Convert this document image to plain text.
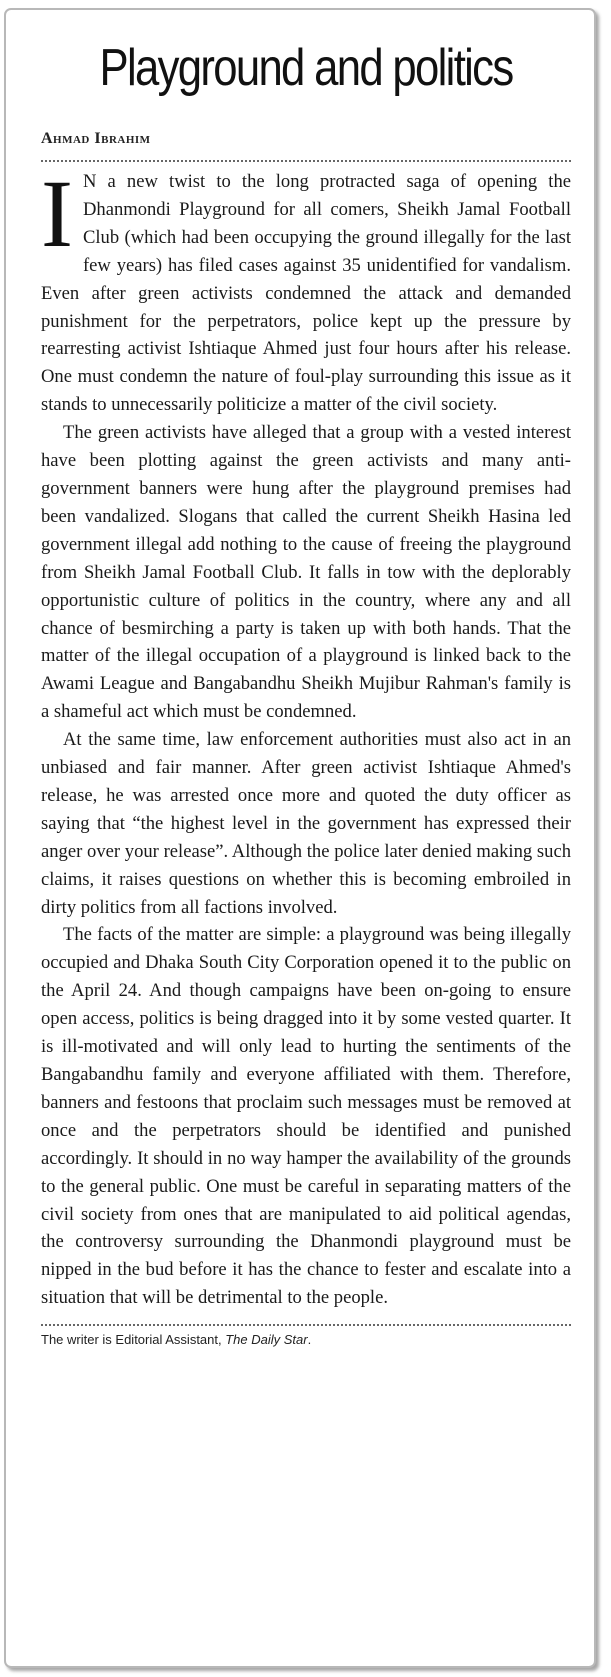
Playground and politics
Ahmad Ibrahim

I N a new twist to the long protracted saga of opening the Dhanmondi Playground for all comers, Sheikh Jamal Football Club (which had been occupying the ground illegally for the last few years) has filed cases against 35 unidentified for vandalism. Even after green activists condemned the attack and demanded punishment for the perpetrators, police kept up the pressure by rearresting activist Ishtiaque Ahmed just four hours after his release. One must condemn the nature of foul-play surrounding this issue as it stands to unnecessarily politicize a matter of the civil society.

The green activists have alleged that a group with a vested interest have been plotting against the green activists and many anti-government banners were hung after the playground premises had been vandalized. Slogans that called the current Sheikh Hasina led government illegal add nothing to the cause of freeing the playground from Sheikh Jamal Football Club. It falls in tow with the deplorably opportunistic culture of politics in the country, where any and all chance of besmirching a party is taken up with both hands. That the matter of the illegal occupation of a playground is linked back to the Awami League and Bangabandhu Sheikh Mujibur Rahman's family is a shameful act which must be condemned.

At the same time, law enforcement authorities must also act in an unbiased and fair manner. After green activist Ishtiaque Ahmed's release, he was arrested once more and quoted the duty officer as saying that “the highest level in the government has expressed their anger over your release”. Although the police later denied making such claims, it raises questions on whether this is becoming embroiled in dirty politics from all factions involved.

The facts of the matter are simple: a playground was being illegally occupied and Dhaka South City Corporation opened it to the public on the April 24. And though campaigns have been on-going to ensure open access, politics is being dragged into it by some vested quarter. It is ill-motivated and will only lead to hurting the sentiments of the Bangabandhu family and everyone affiliated with them. Therefore, banners and festoons that proclaim such messages must be removed at once and the perpetrators should be identified and punished accordingly. It should in no way hamper the availability of the grounds to the general public. One must be careful in separating matters of the civil society from ones that are manipulated to aid political agendas, the controversy surrounding the Dhanmondi playground must be nipped in the bud before it has the chance to fester and escalate into a situation that will be detrimental to the people.

The writer is Editorial Assistant, The Daily Star.
